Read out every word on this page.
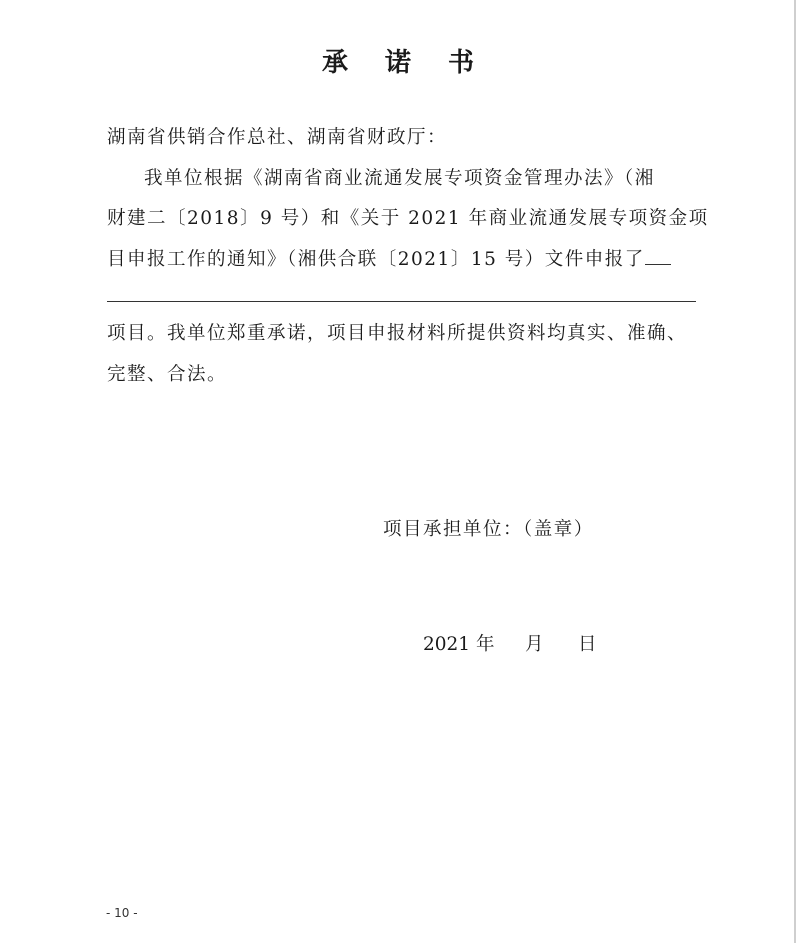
承 诺 书
湖南省供销合作总社、湖南省财政厅：
我单位根据《湖南省商业流通发展专项资金管理办法》（湘
财建二〔2018〕9 号）和《关于 2021 年商业流通发展专项资金项
目申报工作的通知》（湘供合联〔2021〕15 号）文件申报了
项目。我单位郑重承诺，项目申报材料所提供资料均真实、准确、
完整、合法。
项目承担单位：（盖章）
2021 年 月 日
- 10 -
